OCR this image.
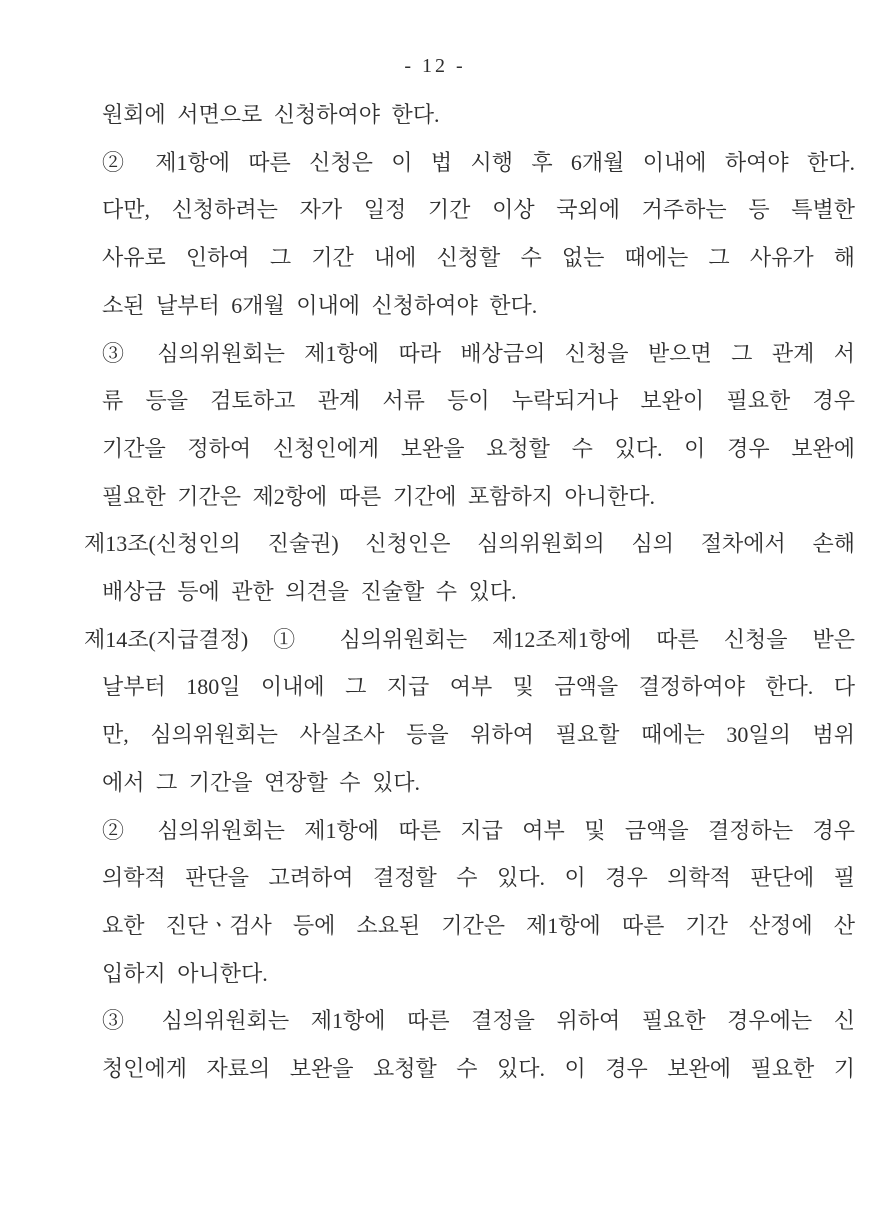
- 12 -
원회에 서면으로 신청하여야 한다.
② 제1항에 따른 신청은 이 법 시행 후 6개월 이내에 하여야 한다.
다만, 신청하려는 자가 일정 기간 이상 국외에 거주하는 등 특별한
사유로 인하여 그 기간 내에 신청할 수 없는 때에는 그 사유가 해
소된 날부터 6개월 이내에 신청하여야 한다.
③ 심의위원회는 제1항에 따라 배상금의 신청을 받으면 그 관계 서
류 등을 검토하고 관계 서류 등이 누락되거나 보완이 필요한 경우
기간을 정하여 신청인에게 보완을 요청할 수 있다. 이 경우 보완에
필요한 기간은 제2항에 따른 기간에 포함하지 아니한다.
제13조(신청인의 진술권) 신청인은 심의위원회의 심의 절차에서 손해
배상금 등에 관한 의견을 진술할 수 있다.
제14조(지급결정) ① 심의위원회는 제12조제1항에 따른 신청을 받은
날부터 180일 이내에 그 지급 여부 및 금액을 결정하여야 한다. 다
만, 심의위원회는 사실조사 등을 위하여 필요할 때에는 30일의 범위
에서 그 기간을 연장할 수 있다.
② 심의위원회는 제1항에 따른 지급 여부 및 금액을 결정하는 경우
의학적 판단을 고려하여 결정할 수 있다. 이 경우 의학적 판단에 필
요한 진단ㆍ검사 등에 소요된 기간은 제1항에 따른 기간 산정에 산
입하지 아니한다.
③ 심의위원회는 제1항에 따른 결정을 위하여 필요한 경우에는 신
청인에게 자료의 보완을 요청할 수 있다. 이 경우 보완에 필요한 기
